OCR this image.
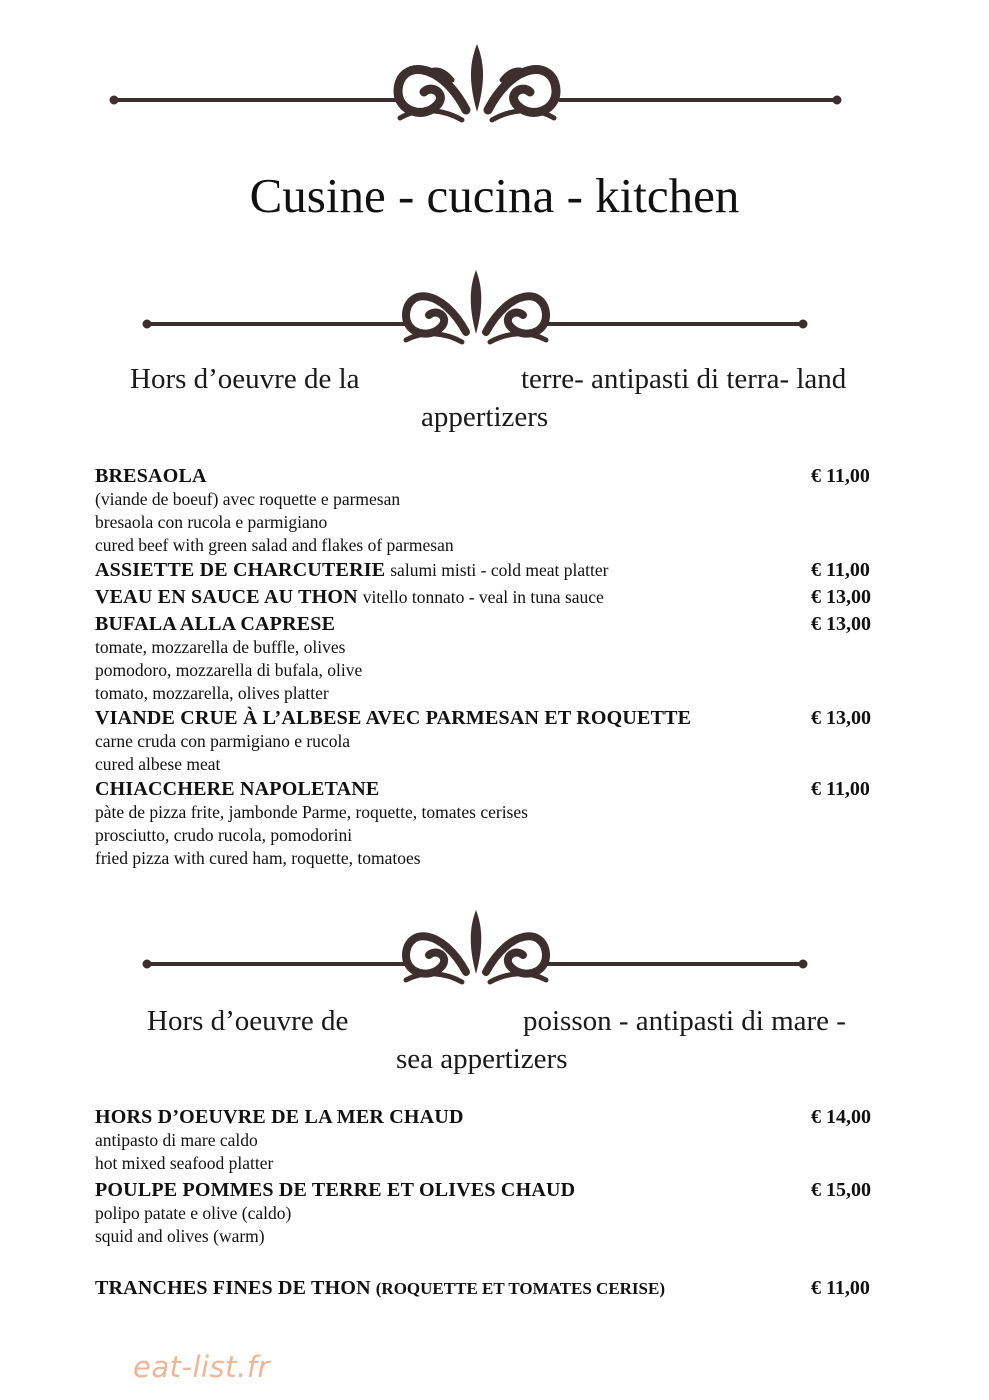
Cusine - cucina - kitchen
Hors d’oeuvre de la	terre- antipasti di terra- land
appertizers
BRESAOLA	€ 11,00
(viande de boeuf) avec roquette e parmesan
bresaola con rucola e parmigiano
cured beef with green salad and flakes of parmesan
ASSIETTE DE CHARCUTERIE salumi misti - cold meat platter	€ 11,00
VEAU EN SAUCE AU THON vitello tonnato - veal in tuna sauce	€ 13,00
BUFALA ALLA CAPRESE	€ 13,00
tomate, mozzarella de buffle, olives
pomodoro, mozzarella di bufala, olive
tomato, mozzarella, olives platter
VIANDE CRUE À L’ALBESE AVEC PARMESAN ET ROQUETTE	€ 13,00
carne cruda con parmigiano e rucola
cured albese meat
CHIACCHERE NAPOLETANE	€ 11,00
pàte de pizza frite, jambonde Parme, roquette, tomates cerises
prosciutto, crudo rucola, pomodorini
fried pizza with cured ham, roquette, tomatoes
Hors d’oeuvre de	poisson - antipasti di mare -
sea appertizers
HORS D’OEUVRE DE LA MER CHAUD	€ 14,00
antipasto di mare caldo
hot mixed seafood platter
POULPE POMMES DE TERRE ET OLIVES CHAUD	€ 15,00
polipo patate e olive (caldo)
squid and olives (warm)
TRANCHES FINES DE THON (ROQUETTE ET TOMATES CERISE)	€ 11,00
eat-list.fr
